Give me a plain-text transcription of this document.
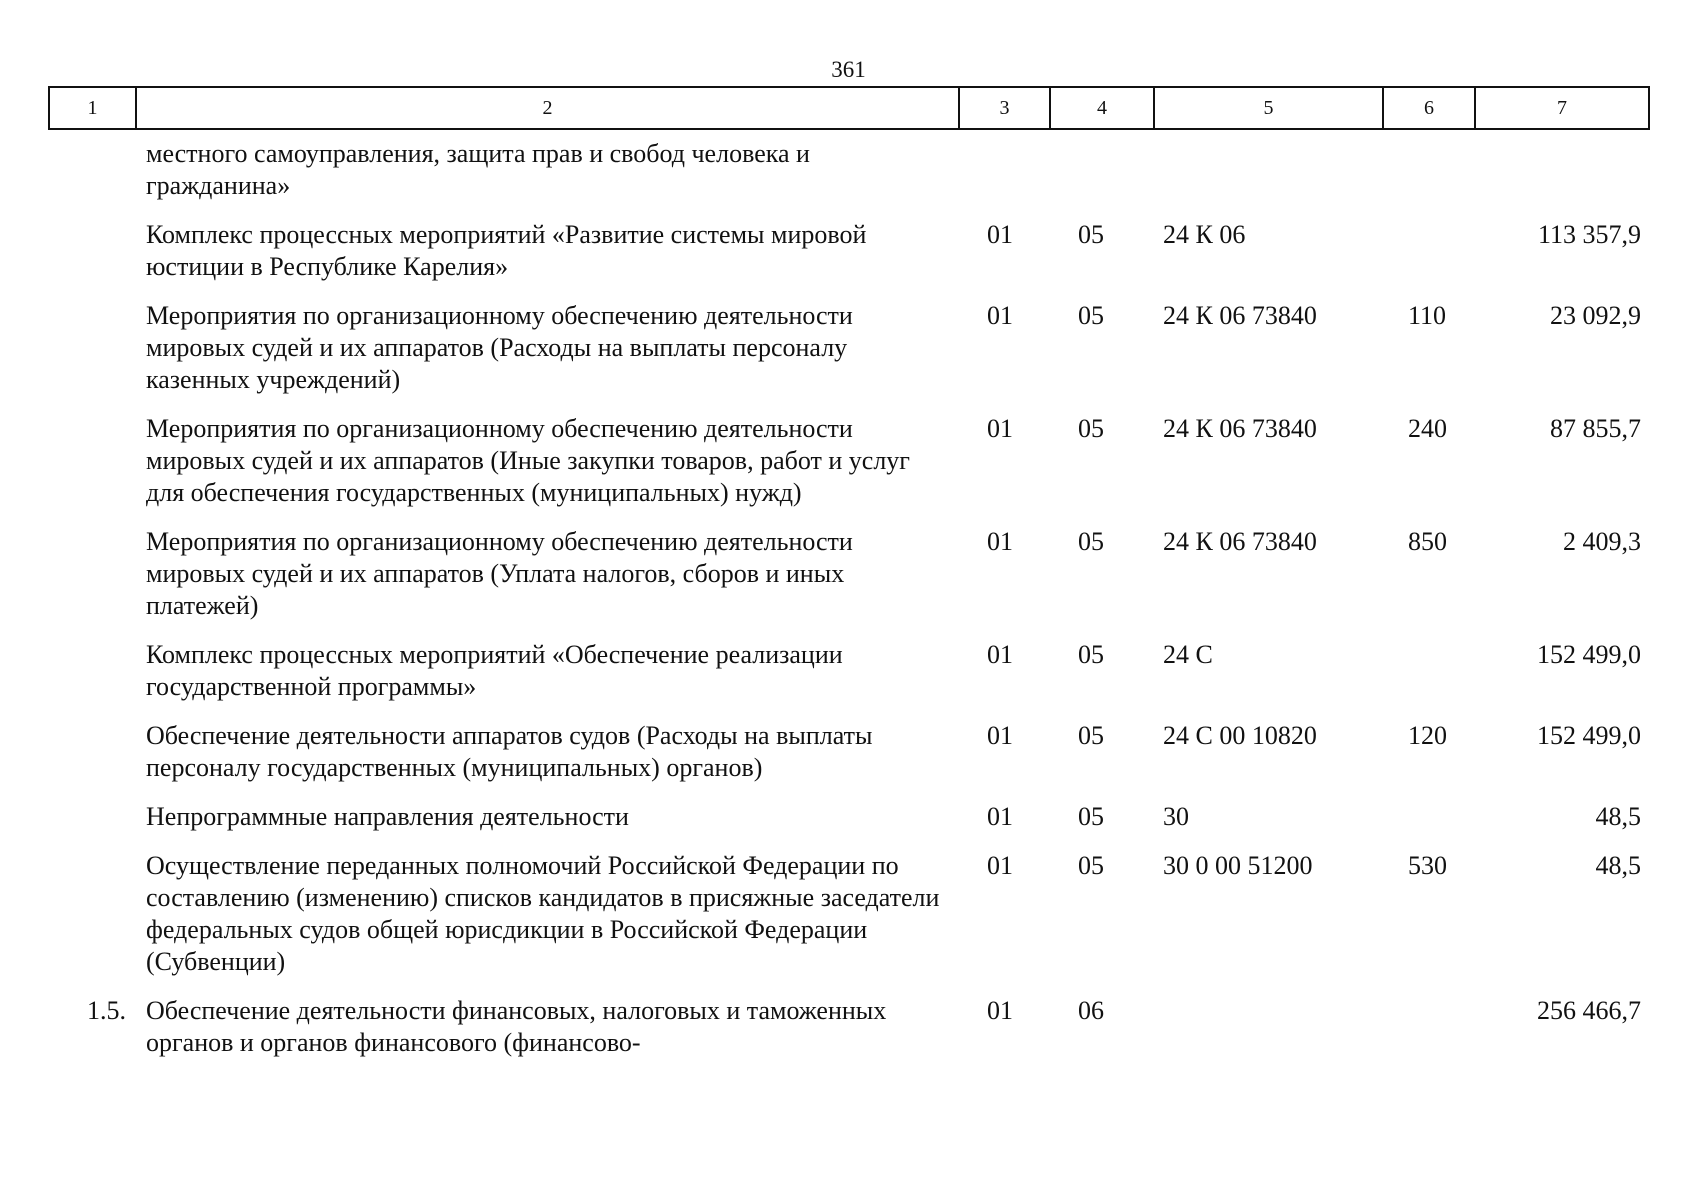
361
1	2	3	4	5	6	7
	местного самоуправления, защита прав и свобод человека и гражданина»					
	Комплекс процессных мероприятий «Развитие системы мировой юстиции в Республике Карелия»	01	05	24 К 06		113 357,9
	Мероприятия по организационному обеспечению деятельности мировых судей и их аппаратов (Расходы на выплаты персоналу казенных учреждений)	01	05	24 К 06 73840	110	23 092,9
	Мероприятия по организационному обеспечению деятельности мировых судей и их аппаратов (Иные закупки товаров, работ и услуг для обеспечения государственных (муниципальных) нужд)	01	05	24 К 06 73840	240	87 855,7
	Мероприятия по организационному обеспечению деятельности мировых судей и их аппаратов (Уплата налогов, сборов и иных платежей)	01	05	24 К 06 73840	850	2 409,3
	Комплекс процессных мероприятий «Обеспечение реализации государственной программы»	01	05	24 С		152 499,0
	Обеспечение деятельности аппаратов судов (Расходы на выплаты персоналу государственных (муниципальных) органов)	01	05	24 С 00 10820	120	152 499,0
	Непрограммные направления деятельности	01	05	30		48,5
	Осуществление переданных полномочий Российской Федерации по составлению (изменению) списков кандидатов в присяжные заседатели федеральных судов общей юрисдикции в Российской Федерации (Субвенции)	01	05	30 0 00 51200	530	48,5
1.5.	Обеспечение деятельности финансовых, налоговых и таможенных органов и органов финансового (финансово-	01	06			256 466,7
